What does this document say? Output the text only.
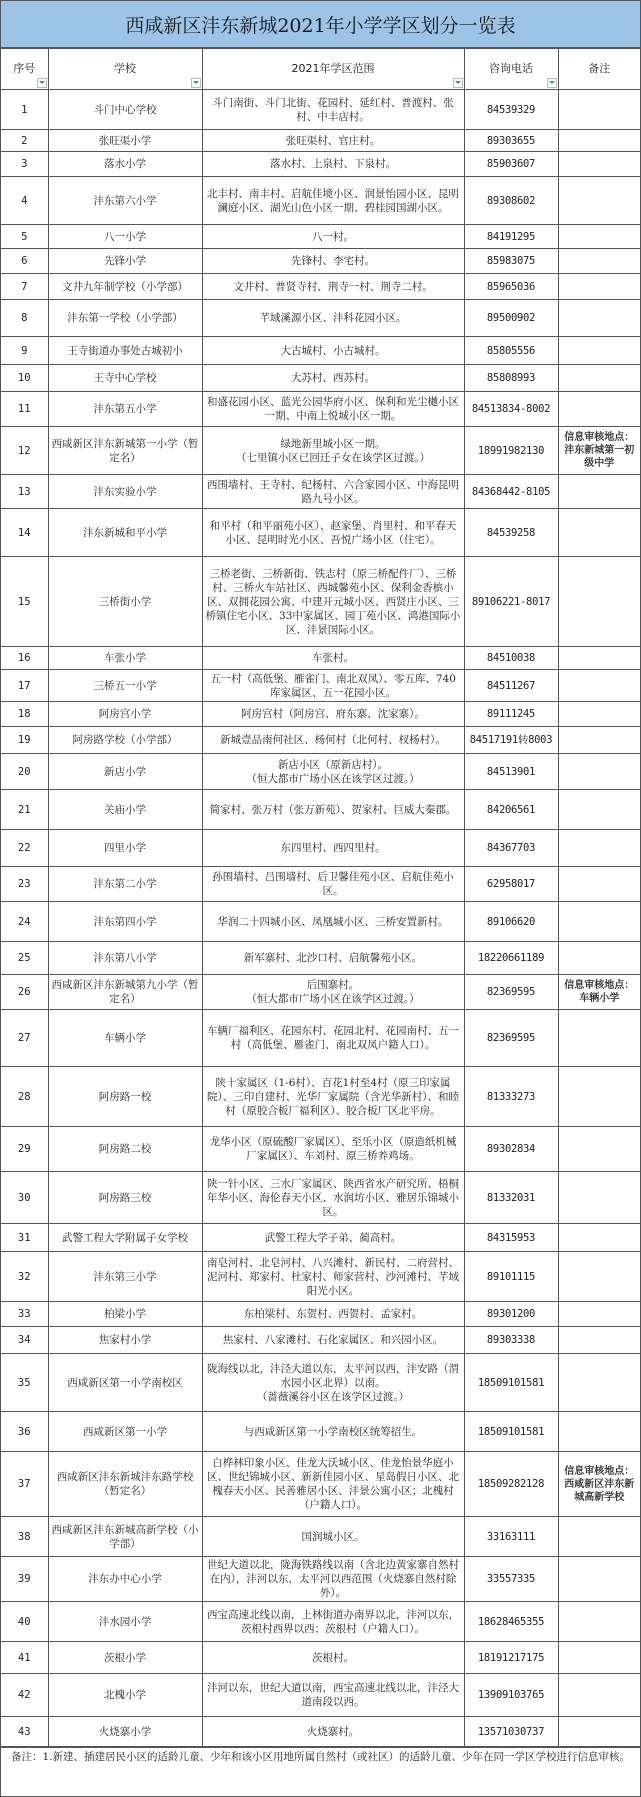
西咸新区沣东新城2021年小学学区划分一览表
序号	学校	2021年学区范围	咨询电话	备注
1	斗门中心学校	斗门南街、斗门北街、花园村、延红村、普渡村、张村、中丰店村。	84539329	
2	张旺渠小学	张旺渠村、官庄村。	89303655	
3	落水小学	落水村、上泉村、下泉村。	85903607	
4	沣东第六小学	北丰村、南丰村、启航佳境小区、润景怡园小区、昆明澜庭小区、湖光山色小区一期、碧桂园国湖小区。	89308602	
5	八一小学	八一村。	84191295	
6	先锋小学	先锋村、李宅村。	85983075	
7	文井九年制学校（小学部）	文井村、普贤寺村、荆寺一村、荆寺二村。	85965036	
8	沣东第一学校（小学部）	芊域溪源小区、沣科花园小区。	89500902	
9	王寺街道办事处古城初小	大古城村、小古城村。	85805556	
10	王寺中心学校	大苏村、西苏村。	85808993	
11	沣东第五小学	和盛花园小区、蓝光公园华府小区、保利和光尘樾小区一期、中南上悦城小区一期。	84513834-8002	
12	西咸新区沣东新城第一小学（暂定名）	绿地新里城小区一期。
（七里镇小区已回迁子女在该学区过渡。）	18991982130	信息审核地点：沣东新城第一初级中学
13	沣东实验小学	西围墙村、王寺村、纪杨村、六合家园小区、中海昆明路九号小区。	84368442-8105	
14	沣东新城和平小学	和平村（和平丽苑小区）、赵家堡、肖里村、和平春天小区、昆明时光小区、吾悦广场小区（住宅）。	84539258	
15	三桥街小学	三桥老街、三桥新街、铁志村（原三桥配件厂）、三桥村、三桥火车站社区、西城馨苑小区、保利金香槟小区、双拥花园公寓、中建开元城小区、西贤庄小区、三桥镇住宅小区、33中家属区、园丁苑小区、鸿港国际小区、沣景国际小区。	89106221-8017	
16	车张小学	车张村。	84510038	
17	三桥五一小学	五一村（高低堡、雁雀门、南北双凤）、零五库、740库家属区、五一花园小区。	84511267	
18	阿房宫小学	阿房宫村（阿房宫、府东寨、沈家寨）。	89111245	
19	阿房路学校（小学部）	新城壹品南何社区、杨何村（北何村、杈杨村）。	84517191转8003	
20	新店小学	新店小区（原新店村）。
（恒大都市广场小区在该学区过渡。）	84513901	
21	关庙小学	简家村、张万村（张万新苑）、贺家村、巨威大秦郡。	84206561	
22	四里小学	东四里村、西四里村。	84367703	
23	沣东第二小学	孙围墙村、吕围墙村、后卫馨佳苑小区、启航佳苑小区。	62958017	
24	沣东第四小学	华润二十四城小区、凤凰城小区、三桥安置新村。	89106620	
25	沣东第八小学	新军寨村、北沙口村、启航馨苑小区。	18220661189	
26	西咸新区沣东新城第九小学（暂定名）	后围寨村。
（恒大都市广场小区在该学区过渡。）	82369595	信息审核地点：车辆小学
27	车辆小学	车辆厂福利区、花园东村、花园北村、花园南村、五一村（高低堡、雁雀门、南北双凤户籍人口）。	82369595	
28	阿房路一校	陕十家属区（1-6村）、百花1村至4村（原三印家属院）、三印自建村、光华厂家属院（含光华新村）、和睦村（原胶合板厂福利区）、胶合板厂区北平房。	81333273	
29	阿房路二校	龙华小区（原硫酸厂家属区）、至乐小区（原造纸机械厂家属区）、车刘村、原三桥养鸡场。	89302834	
30	阿房路三校	陕一针小区、三水厂家属区、陕西省水产研究所、梧桐年华小区、海伦春天小区、水润坊小区、雅居乐锦城小区。	81332031	
31	武警工程大学附属子女学校	武警工程大学子弟、蔺高村。	84315953	
32	沣东第三小学	南皂河村、北皂河村、八兴滩村、新民村、二府营村、泥河村、郑家村、杜家村、师家营村、沙河滩村、芊域阳光小区。	89101115	
33	柏梁小学	东柏梁村、东贺村、西贺村、孟家村。	89301200	
34	焦家村小学	焦家村、八家滩村、石化家属区、和兴园小区。	89303338	
35	西咸新区第一小学南校区	陇海线以北，沣泾大道以东，太平河以西，沣安路（渭水园小区北界）以南。
（蔷薇溪谷小区在该学区过渡。）	18509101581	
36	西咸新区第一小学	与西咸新区第一小学南校区统筹招生。	18509101581	
37	西咸新区沣东新城沣东路学校（暂定名）	白桦林印象小区、佳龙大沃城小区、佳龙怡景华庭小区、世纪锦城小区、新新佳园小区、星岛假日小区、北槐春天小区、民善雅居小区、沣景公寓小区；北槐村（户籍人口）。	18509282128	信息审核地点：西咸新区沣东新城高新学校
38	西咸新区沣东新城高新学校（小学部）	国润城小区。	33163111	
39	沣东办中心小学	世纪大道以北，陇海铁路线以南（含北边黄家寨自然村在内），沣河以东，太平河以西范围（火烧寨自然村除外）。	33557335	
40	沣水园小学	西宝高速北线以南，上林街道办南界以北，沣河以东，茨根村西界以西；茨根村（户籍人口）。	18628465355	
41	茨根小学	茨根村。	18191217175	
42	北槐小学	沣河以东，世纪大道以南，西宝高速北线以北，沣泾大道南段以西。	13909103765	
43	火烧寨小学	火烧寨村。	13571030737	
备注：1.新建、插建居民小区的适龄儿童、少年和该小区用地所属自然村（或社区）的适龄儿童、少年在同一学区学校进行信息审核。
